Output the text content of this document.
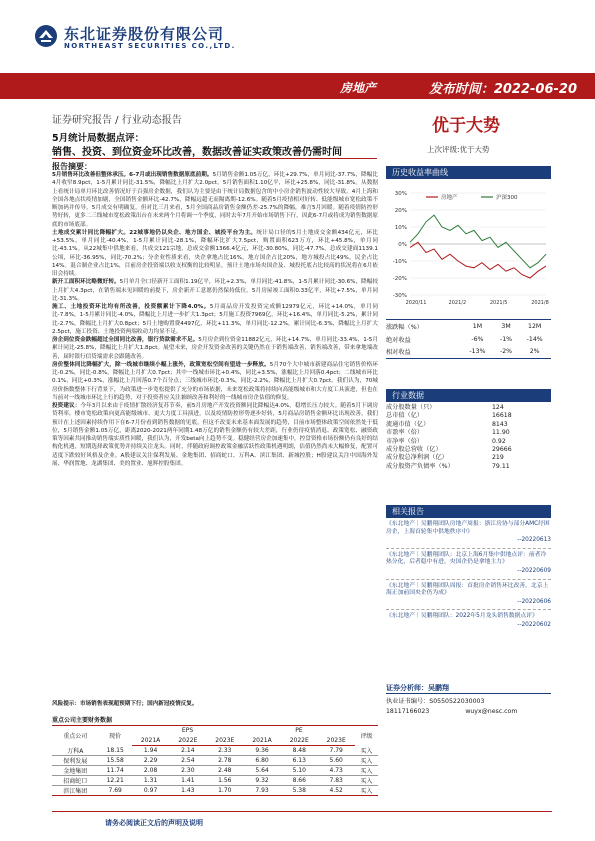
东北证券股份有限公司
NORTHEAST SECURITIES CO.,LTD.
房地产	发布时间：2022-06-20
证券研究报告 / 行业动态报告	优于大势
上次评级:优于大势
5月统计局数据点评：
销售、投资、到位资金环比改善，数据改善证实政策改善仍需时间
报告摘要：

5月销售环比改善但整体承压。6-7月或出现销售数据原底前期。5月销售金额1.05万亿，环比+29.7%，单月同比-37.7%，降幅比4月收窄8.9pct，1-5月累计同比-31.5%，降幅比上月扩大2.0pct。5月销售面积1.10亿平，环比+25.8%，同比-31.8%。从数据上看统计局单月环比改善情况好于百强房企数据，我们认为主要是由于统计局数据包含的中小房企销售波动性较大导致。4月上海和全国各地点状疫情加剧，全国销售金额环比-42.7%，降幅远超无而隔离期-12.6%。随着5月疫情相对好转、低能级城市宽松政策不断加码并传导，5月成交有明确复，但对比三月来看，5月全国商品房销售金额仍差-25.7%的降幅，难言5月回暖。随着疫情防控形势好转，更多二三线城市宽松政策出台在未来两个月将调一个季度，同时去年7月开始市场销售下行，因此6-7月或将成为销售数据原底的市场底部。

土地成交累计同比降幅扩大。22城事地仍以央企、地方国企、城投平台为主。统计局口径的5月土地成交金额434亿元，环比+53.5%，单月同比-40.4%，1-5月累计同比-28.1%，降幅环比扩大7.5pct，购置面积623万方，环比+45.8%，单月同比-43.1%。从22城集中供地来看，共成交121宗地，总成交金额1366.4亿元，环比-30.80%，同比-47.7%，总成交建面1139.1公顷，环比-36.95%，同比-70.2%；分企业性质来看，央企拿地占比16%，地方国企占比20%，地方城投占比49%，民企占比14%。混合制企业占比1%，目前房企投资端以收支权衡的比较明显，预计土地市场央国企及、城投托底占比较高的状况将在6月依旧会持续。

新开工面积环比略微好转。5月单月全口径新开工面积1.19亿平，环比+2.3%，单月同比-41.8%，1-5月累计同比-30.6%，降幅较上月扩大4.3pct，在销售端未见回暖的前提下，房企新开工意愿仍然保持低位。5月房屋竣工面积0.33亿平，环比+7.5%，单月同比-31.3%。

施工、土地投资环比均有所改善，投资额累计下降4.0%。5月商品房开发投资完成额12979亿元，环比+14.0%，单月同比-7.8%，1-5月累计同比-4.0%，降幅比上月进一步扩大1.3pct；5月施工投资7969亿，环比+16.4%，单月同比-5.2%，累计同比-2.7%，降幅比上月扩大0.8pct；5月土地购置费4497亿，环比+11.3%，单月同比-12.2%，累计同比-6.3%，降幅比上月扩大2.5pct，施工投资、土地投资两端收动力均显不足。

房企到位资金跌幅超过全国同比改善，银行贷款需求不足。5月房企到位资金11882亿元，环比+14.7%，单月同比-33.4%，1-5月累计同比-25.8%，降幅比上月扩大1.8pct。展望未来，房企开发资金改善的关键仍然在于销售端改善，销售端改善，带来拿地端改善，届时银行信贷端需求会跟随改善。

房价整体同比降幅扩大，除一线城市继续小幅上涨外，政策宽松空间有望进一步释放。5月70个大中城市新建商品住宅销售价格环比-0.2%，同比-0.8%，降幅比上月扩大0.7pct；其中一线城市环比+0.4%，同比+3.5%，涨幅比上月回落0.4pct；二线城市环比0.1%，同比+0.3%，涨幅比上月回落0.7个百分点；三线城市环比-0.3%，同比-2.2%，降幅比上月扩大0.7pct。我们认为，70城房价指数整体下行背景下，为政策进一步宽松提供了充分的市场依据，未来宽松政策将持续向高能级城市和大方度工具演进，但也在当前对一线城市环比上行的趋势，对于投资者应关注兼顾改善和利好的一线城市房企估值的修复。

投资建议：今年3月以来由于疫情扩散经济复苏节奏，前5月房地产开发投资额同比降幅达4.0%，稳增长压力较大。随着5月下调房贷利率，楼市宽松政策向更高能级城市、更大力度工具演进，以及疫情防控形势逐步好转，5月商品房销售金额环比出现改善，我们预计在上述因素持续作用下在6-7月份看到销售数据的见底。但这不改变未来基本面发展的趋势，目前市场整体政策空间依然处于低位，5月销售金额1.05万亿，距离2020-2021两年同期1.48万亿的销售金额仍有较大差距，行业仍待疫情消退、政策宽松、融资政策等因素共同推动销售端实质性回暖，我们认为，开发beta向上趋势不变。稳健经营房企加速集中，控盘资格市场份额仍有良好的结构化机遇，短期选择政策优势并持续关注龙头。同时，伴随政府调控政策金融活跃性政策机遇明朗，估值仍然尚未大幅修复，配置可适度下跌较好风格及企业。A股建议关注保利发展、金地集团、招商蛇口、万科A、滨江集团、新城控股；H股建议关注中国海外发展、华润置地、龙湖集团、美的置业、旭辉控股集团。

风险提示：市场销售表现超预期下行；国内新冠疫情反复。
重点公司主要财务数据
重点公司	现价	EPS			PE			评级
		2021A	2022E	2023E	2021A	2022E	2023E	
万科A	18.15	1.94	2.14	2.33	9.36	8.48	7.79	买入
保利发展	15.58	2.29	2.54	2.78	6.80	6.13	5.60	买入
金地集团	11.74	2.08	2.30	2.48	5.64	5.10	4.73	买入
招商蛇口	12.21	1.31	1.41	1.56	9.32	8.66	7.83	买入
滨江集团	7.69	0.97	1.43	1.70	7.93	5.38	4.52	买入
请务必阅读正文后的声明及说明
历史收益率曲线
30%
20%
10%
0%
-10%
-20%
-30%
2020/11	2021/2	2021/5	2021/8
房地产	沪深300
涨跌幅（%）	1M	3M	12M
绝对收益	-6%	-1%	-14%
相对收益	-13%	-2%	2%
行业数据
成分股数量（只）	124
总市值（亿）	16618
流通市值（亿）	8143
市盈率（倍）	11.90
市净率（倍）	0.92
成分股总营收（亿）	29666
成分股总净利润（亿）	219
成分股资产负债率（%）	79.11
相关报告
《东北地产｜吴鹏翔团队房地产周报：浙江房协与部分AMC纾困房企，上海首轮集中供地秩序中》
--20220613
《东北地产｜吴鹏翔团队：北京上海6月集中供地点评：前者冷热分化，后者稳中有进，央国企仍是拿地主力》
--20220609
《东北地产｜吴鹏翔团队周报：首批房企销售环比改善，北京上海正加前国央企仍为成》
--20220606
《东北地产｜吴鹏翔团队：2022年5月龙头销售数据点评》
--20220602
证券分析师：吴鹏翔
执业证书编号：S0550522030003
18117166023	wuyx@nesc.com
